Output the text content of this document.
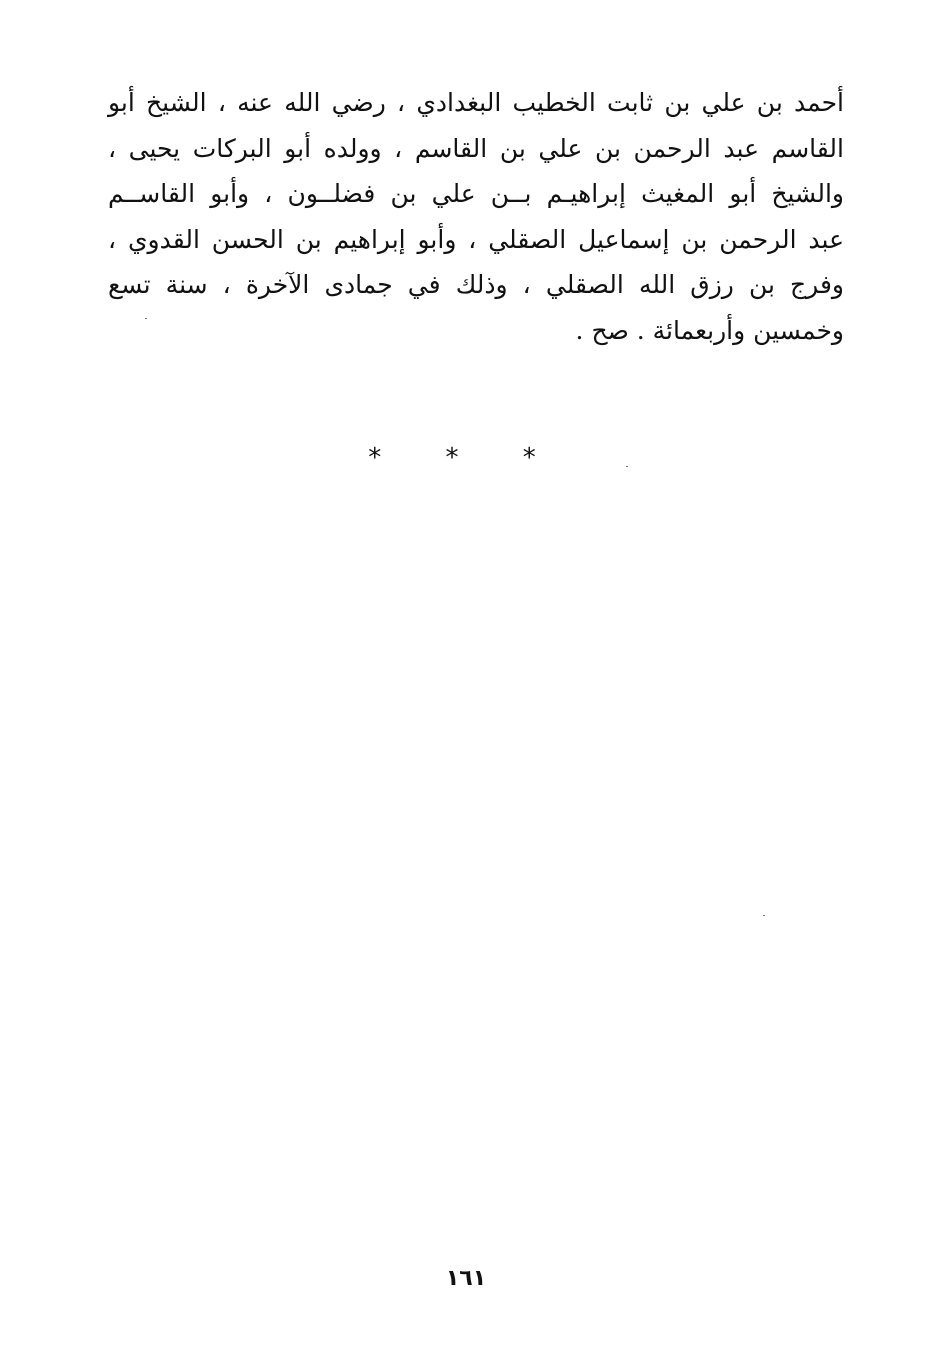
أحمد بن علي بن ثابت الخطيب البغدادي ، رضي الله عنه ، الشيخ أبو
القاسم عبد الرحمن بن علي بن القاسم ، وولده أبو البركات يحيى ،
والشيخ أبو المغيث إبراهيـم بــن علي بن فضلــون ، وأبو القاســم
عبد الرحمن بن إسماعيل الصقلي ، وأبو إبراهيم بن الحسن القدوي ،
وفرج بن رزق الله الصقلي ، وذلك في جمادى الآخرة ، سنة تسع
وخمسين وأربعمائة . صح .
* * *
١٦١
